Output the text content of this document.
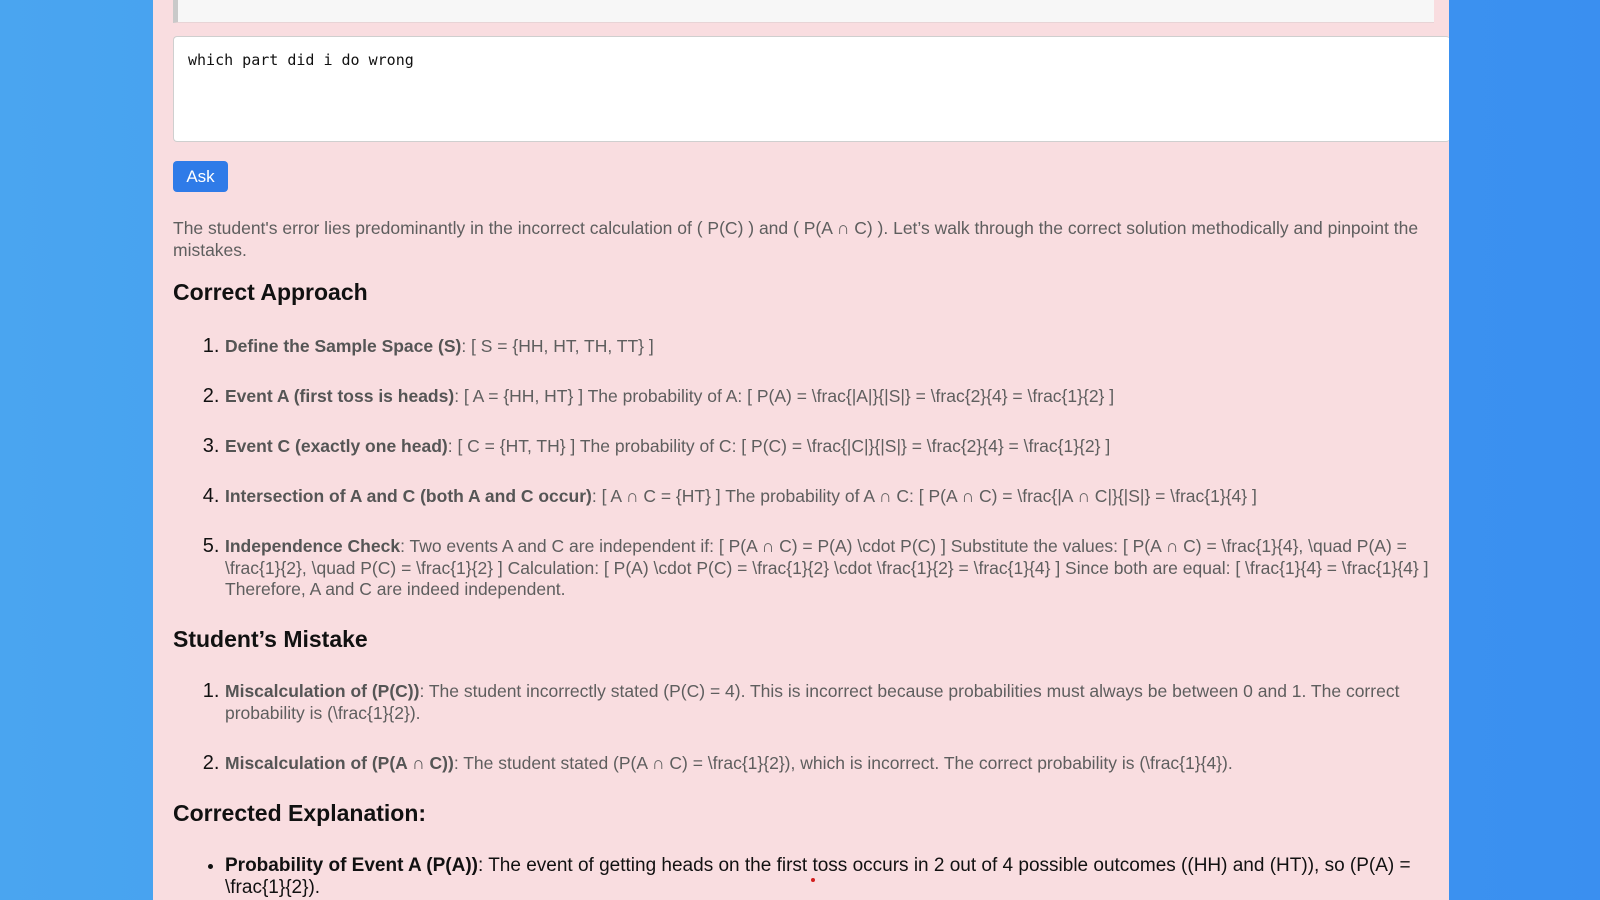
which part did i do wrong
Ask

The student's error lies predominantly in the incorrect calculation of ( P(C) ) and ( P(A ∩ C) ). Let’s walk through the correct solution methodically and pinpoint the mistakes.

Correct Approach
1. Define the Sample Space (S): [ S = {HH, HT, TH, TT} ]
2. Event A (first toss is heads): [ A = {HH, HT} ] The probability of A: [ P(A) = \frac{|A|}{|S|} = \frac{2}{4} = \frac{1}{2} ]
3. Event C (exactly one head): [ C = {HT, TH} ] The probability of C: [ P(C) = \frac{|C|}{|S|} = \frac{2}{4} = \frac{1}{2} ]
4. Intersection of A and C (both A and C occur): [ A ∩ C = {HT} ] The probability of A ∩ C: [ P(A ∩ C) = \frac{|A ∩ C|}{|S|} = \frac{1}{4} ]
5. Independence Check: Two events A and C are independent if: [ P(A ∩ C) = P(A) \cdot P(C) ] Substitute the values: [ P(A ∩ C) = \frac{1}{4}, \quad P(A) = \frac{1}{2}, \quad P(C) = \frac{1}{2} ] Calculation: [ P(A) \cdot P(C) = \frac{1}{2} \cdot \frac{1}{2} = \frac{1}{4} ] Since both are equal: [ \frac{1}{4} = \frac{1}{4} ] Therefore, A and C are indeed independent.
Student’s Mistake
1. Miscalculation of (P(C)): The student incorrectly stated (P(C) = 4). This is incorrect because probabilities must always be between 0 and 1. The correct probability is (\frac{1}{2}).
2. Miscalculation of (P(A ∩ C)): The student stated (P(A ∩ C) = \frac{1}{2}), which is incorrect. The correct probability is (\frac{1}{4}).
Corrected Explanation:
• Probability of Event A (P(A)): The event of getting heads on the first toss occurs in 2 out of 4 possible outcomes ((HH) and (HT)), so (P(A) = \frac{1}{2}).
